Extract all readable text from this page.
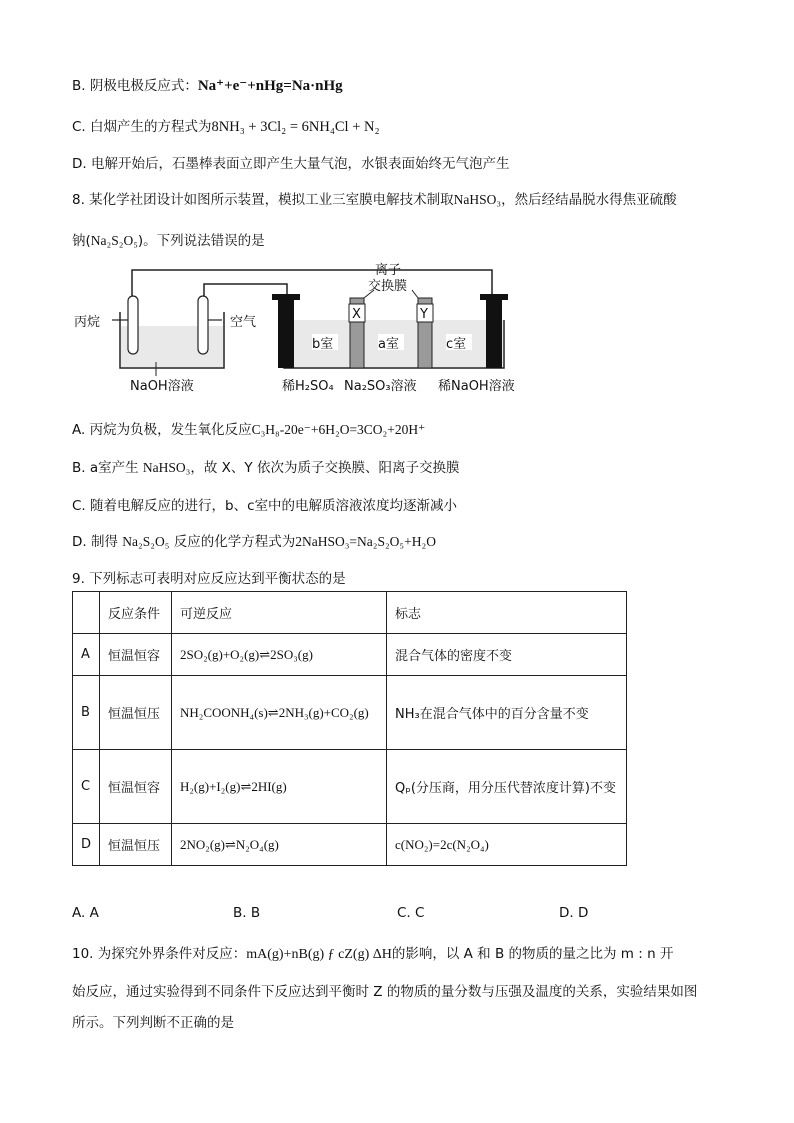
B. 阴极电极反应式：Na⁺+e⁻+nHg=Na·nHg
C. 白烟产生的方程式为8NH₃ + 3Cl₂ = 6NH₄Cl + N₂
D. 电解开始后，石墨棒表面立即产生大量气泡，水银表面始终无气泡产生
8. 某化学社团设计如图所示装置，模拟工业三室膜电解技术制取NaHSO₃，然后经结晶脱水得焦亚硫酸
钠(Na₂S₂O₅)。下列说法错误的是
丙烷	空气
NaOH溶液
X	Y
离子
交换膜
b室	a室	c室
稀H₂SO₄ Na₂SO₃溶液 稀NaOH溶液
A. 丙烷为负极，发生氧化反应C₃H₈-20e⁻+6H₂O=3CO₂+20H⁺
B. a室产生 NaHSO₃，故 X、Y 依次为质子交换膜、阳离子交换膜
C. 随着电解反应的进行，b、c室中的电解质溶液浓度均逐渐减小
D. 制得 Na₂S₂O₅ 反应的化学方程式为2NaHSO₃=Na₂S₂O₅+H₂O
9. 下列标志可表明对应反应达到平衡状态的是
	反应条件	可逆反应	标志
A	恒温恒容	2SO₂(g)+O₂(g)⇌2SO₃(g)	混合气体的密度不变
B	恒温恒压	NH₂COONH₄(s)⇌2NH₃(g)+CO₂(g)	NH₃在混合气体中的百分含量不变
C	恒温恒容	H₂(g)+I₂(g)⇌2HI(g)	Qₚ(分压商，用分压代替浓度计算)不变
D	恒温恒压	2NO₂(g)⇌N₂O₄(g)	c(NO₂)=2c(N₂O₄)
A. A	B. B	C. C	D. D
10. 为探究外界条件对反应：mA(g)+nB(g) ƒ cZ(g) ΔH的影响，以 A 和 B 的物质的量之比为 m : n 开
始反应，通过实验得到不同条件下反应达到平衡时 Z 的物质的量分数与压强及温度的关系，实验结果如图
所示。下列判断不正确的是
